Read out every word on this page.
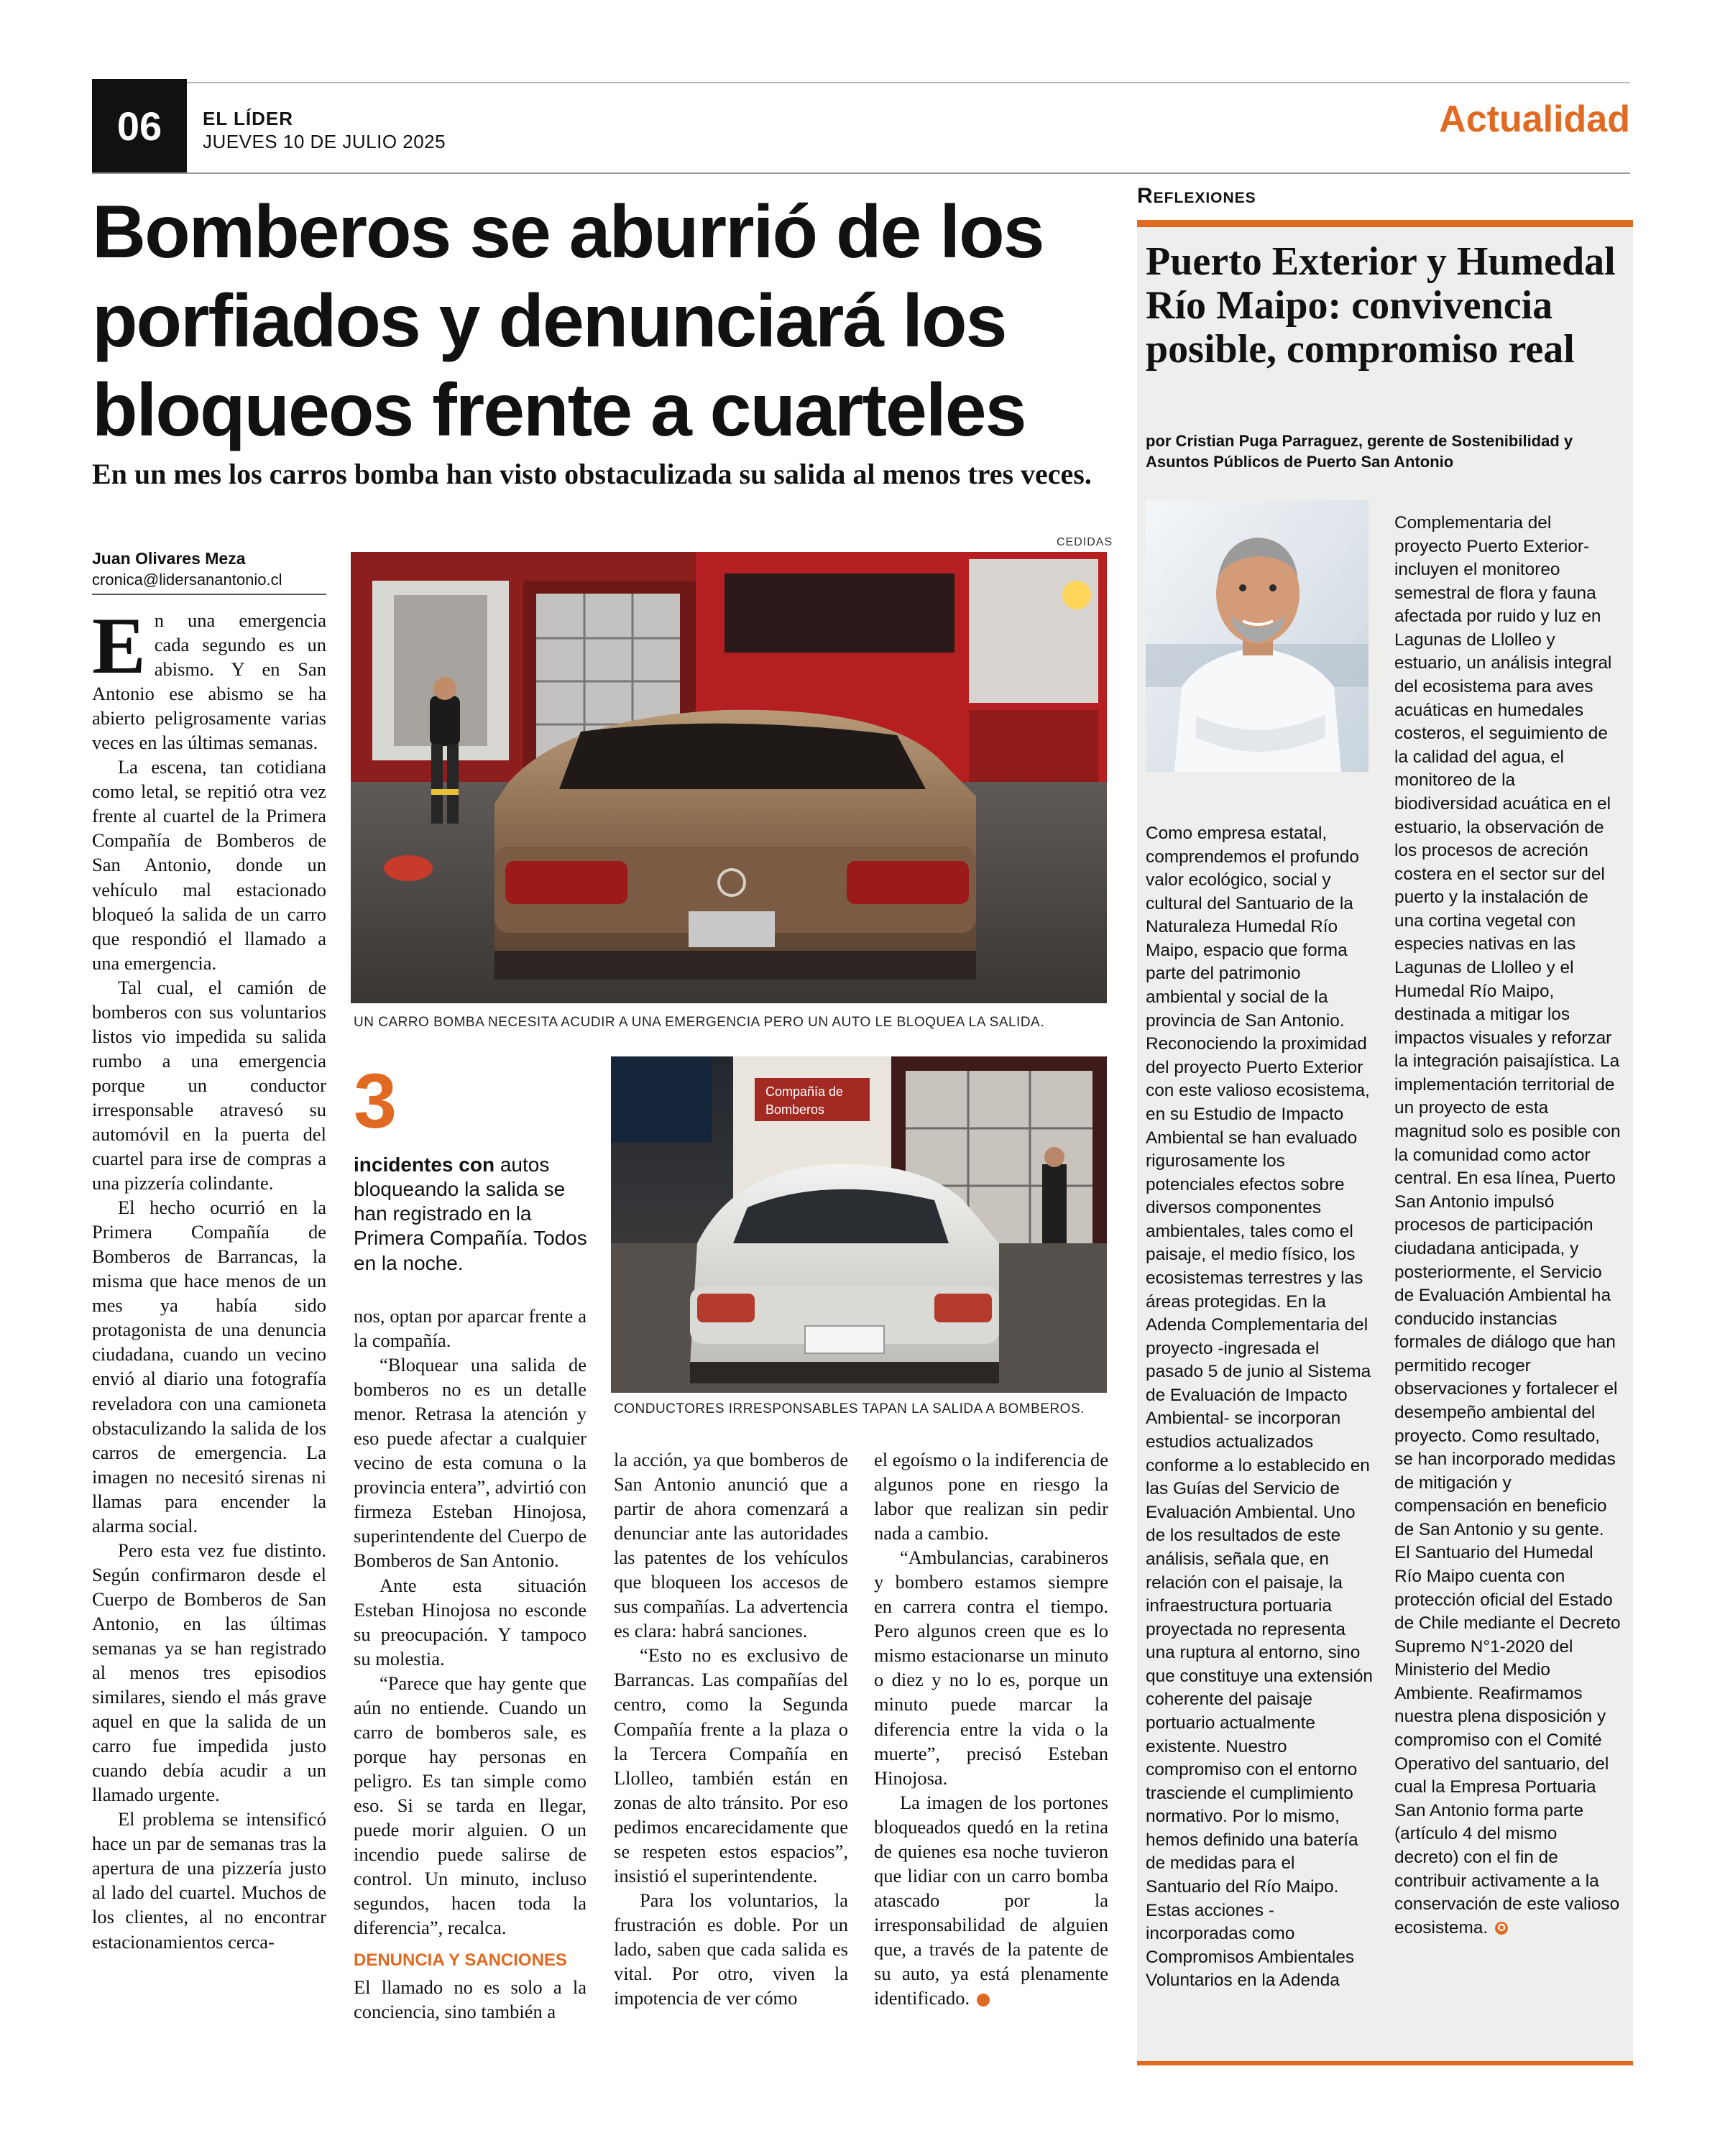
06	EL LÍDER
JUEVES 10 DE JULIO 2025
Actualidad
Bomberos se aburrió de los porfiados y denunciará los bloqueos frente a cuarteles
En un mes los carros bomba han visto obstaculizada su salida al menos tres veces.
Juan Olivares Meza
cronica@lidersanantonio.cl

En una emergencia cada segundo es un abismo. Y en San Antonio ese abismo se ha abierto peligrosamente varias veces en las últimas semanas.

La escena, tan cotidiana como letal, se repitió otra vez frente al cuartel de la Primera Compañía de Bomberos de San Antonio, donde un vehículo mal estacionado bloqueó la salida de un carro que respondió el llamado a una emergencia.

Tal cual, el camión de bomberos con sus voluntarios listos vio impedida su salida rumbo a una emergencia porque un conductor irresponsable atravesó su automóvil en la puerta del cuartel para irse de compras a una pizzería colindante.

El hecho ocurrió en la Primera Compañía de Bomberos de Barrancas, la misma que hace menos de un mes ya había sido protagonista de una denuncia ciudadana, cuando un vecino envió al diario una fotografía reveladora con una camioneta obstaculizando la salida de los carros de emergencia. La imagen no necesitó sirenas ni llamas para encender la alarma social.

Pero esta vez fue distinto. Según confirmaron desde el Cuerpo de Bomberos de San Antonio, en las últimas semanas ya se han registrado al menos tres episodios similares, siendo el más grave aquel en que la salida de un carro fue impedida justo cuando debía acudir a un llamado urgente.

El problema se intensificó hace un par de semanas tras la apertura de una pizzería justo al lado del cuartel. Muchos de los clientes, al no encontrar estacionamientos cerca-

CEDIDAS
UN CARRO BOMBA NECESITA ACUDIR A UNA EMERGENCIA PERO UN AUTO LE BLOQUEA LA SALIDA.
Compañía de
Bomberos
CONDUCTORES IRRESPONSABLES TAPAN LA SALIDA A BOMBEROS.
3
incidentes con autos bloqueando la salida se han registrado en la Primera Compañía. Todos en la noche.

nos, optan por aparcar frente a la compañía.

“Bloquear una salida de bomberos no es un detalle menor. Retrasa la atención y eso puede afectar a cualquier vecino de esta comuna o la provincia entera”, advirtió con firmeza Esteban Hinojosa, superintendente del Cuerpo de Bomberos de San Antonio.

Ante esta situación Esteban Hinojosa no esconde su preocupación. Y tampoco su molestia.

“Parece que hay gente que aún no entiende. Cuando un carro de bomberos sale, es porque hay personas en peligro. Es tan simple como eso. Si se tarda en llegar, puede morir alguien. O un incendio puede salirse de control. Un minuto, incluso segundos, hacen toda la diferencia”, recalca.

DENUNCIA Y SANCIONES

El llamado no es solo a la conciencia, sino también a

la acción, ya que bomberos de San Antonio anunció que a partir de ahora comenzará a denunciar ante las autoridades las patentes de los vehículos que bloqueen los accesos de sus compañías. La advertencia es clara: habrá sanciones.

“Esto no es exclusivo de Barrancas. Las compañías del centro, como la Segunda Compañía frente a la plaza o la Tercera Compañía en Llolleo, también están en zonas de alto tránsito. Por eso pedimos encarecidamente que se respeten estos espacios”, insistió el superintendente.

Para los voluntarios, la frustración es doble. Por un lado, saben que cada salida es vital. Por otro, viven la impotencia de ver cómo

el egoísmo o la indiferencia de algunos pone en riesgo la labor que realizan sin pedir nada a cambio.

“Ambulancias, carabineros y bombero estamos siempre en carrera contra el tiempo. Pero algunos creen que es lo mismo estacionarse un minuto o diez y no lo es, porque un minuto puede marcar la diferencia entre la vida o la muerte”, precisó Esteban Hinojosa.

La imagen de los portones bloqueados quedó en la retina de quienes esa noche tuvieron que lidiar con un carro bomba atascado por la irresponsabilidad de alguien que, a través de la patente de su auto, ya está plenamente identificado.	✪

Reflexiones
Puerto Exterior y Humedal Río Maipo: convivencia posible, compromiso real
por Cristian Puga Parraguez, gerente de Sostenibilidad y Asuntos Públicos de Puerto San Antonio
Como empresa estatal, comprendemos el profundo valor ecológico, social y cultural del Santuario de la Naturaleza Humedal Río Maipo, espacio que forma parte del patrimonio ambiental y social de la provincia de San Antonio. Reconociendo la proximidad del proyecto Puerto Exterior con este valioso ecosistema, en su Estudio de Impacto Ambiental se han evaluado rigurosamente los potenciales efectos sobre diversos componentes ambientales, tales como el paisaje, el medio físico, los ecosistemas terrestres y las áreas protegidas. En la Adenda Complementaria del proyecto -ingresada el pasado 5 de junio al Sistema de Evaluación de Impacto Ambiental- se incorporan estudios actualizados conforme a lo establecido en las Guías del Servicio de Evaluación Ambiental. Uno de los resultados de este análisis, señala que, en relación con el paisaje, la infraestructura portuaria proyectada no representa una ruptura al entorno, sino que constituye una extensión coherente del paisaje portuario actualmente existente. Nuestro compromiso con el entorno trasciende el cumplimiento normativo. Por lo mismo, hemos definido una batería de medidas para el Santuario del Río Maipo. Estas acciones -incorporadas como Compromisos Ambientales Voluntarios en la Adenda
Complementaria del proyecto Puerto Exterior- incluyen el monitoreo semestral de flora y fauna afectada por ruido y luz en Lagunas de Llolleo y estuario, un análisis integral del ecosistema para aves acuáticas en humedales costeros, el seguimiento de la calidad del agua, el monitoreo de la biodiversidad acuática en el estuario, la observación de los procesos de acreción costera en el sector sur del puerto y la instalación de una cortina vegetal con especies nativas en las Lagunas de Llolleo y el Humedal Río Maipo, destinada a mitigar los impactos visuales y reforzar la integración paisajística. La implementación territorial de un proyecto de esta magnitud solo es posible con la comunidad como actor central. En esa línea, Puerto San Antonio impulsó procesos de participación ciudadana anticipada, y posteriormente, el Servicio de Evaluación Ambiental ha conducido instancias formales de diálogo que han permitido recoger observaciones y fortalecer el desempeño ambiental del proyecto. Como resultado, se han incorporado medidas de mitigación y compensación en beneficio de San Antonio y su gente. El Santuario del Humedal Río Maipo cuenta con protección oficial del Estado de Chile mediante el Decreto Supremo N°1-2020 del Ministerio del Medio Ambiente. Reafirmamos nuestra plena disposición y compromiso con el Comité Operativo del santuario, del cual la Empresa Portuaria San Antonio forma parte (artículo 4 del mismo decreto) con el fin de contribuir activamente a la conservación de este valioso ecosistema. ✪
